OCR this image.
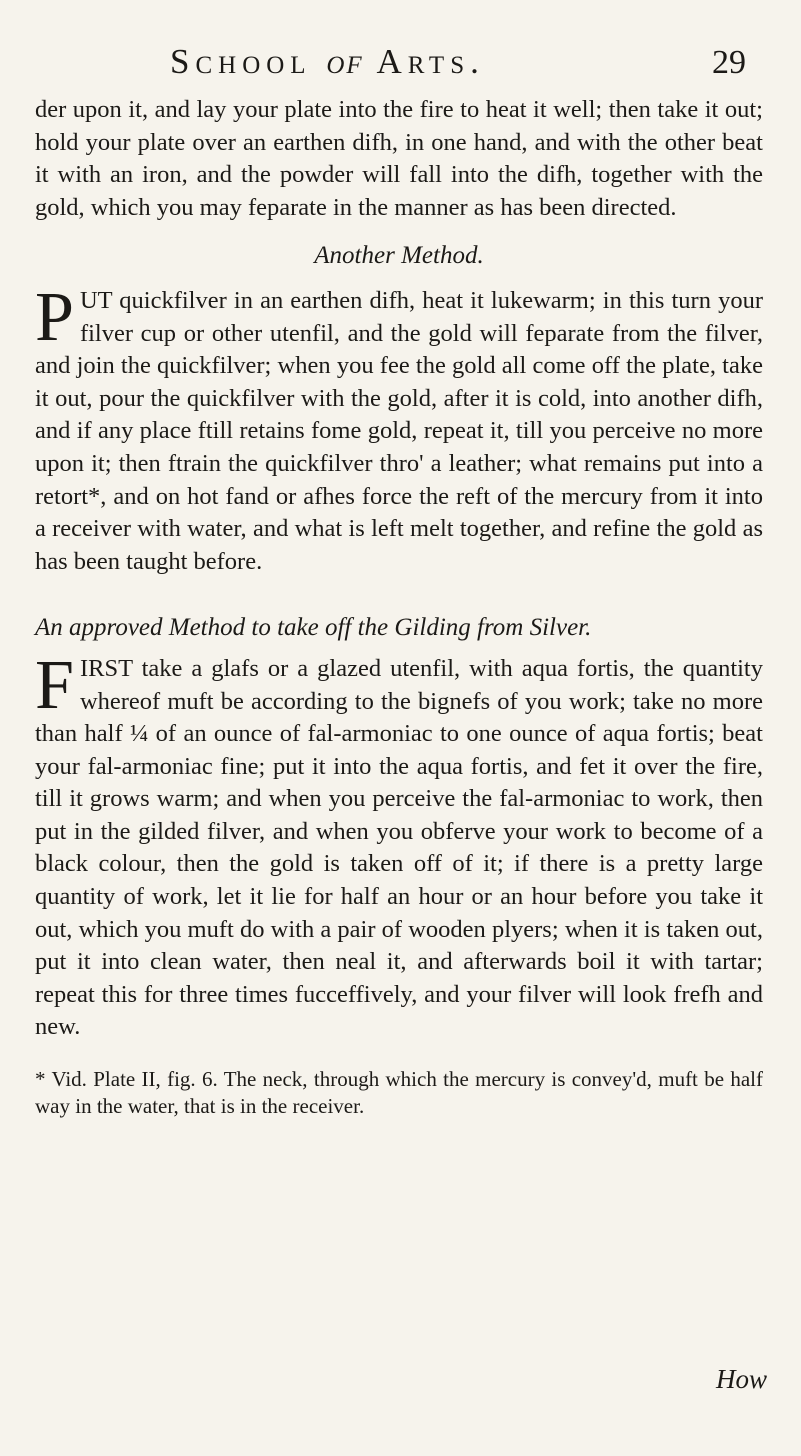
School of Arts.	29

der upon it, and lay your plate into the fire to heat it well; then take it out; hold your plate over an earthen difh, in one hand, and with the other beat it with an iron, and the powder will fall into the difh, together with the gold, which you may feparate in the manner as has been directed.

Another Method.

PUT quickfilver in an earthen difh, heat it lukewarm; in this turn your filver cup or other utenfil, and the gold will feparate from the filver, and join the quickfilver; when you fee the gold all come off the plate, take it out, pour the quickfilver with the gold, after it is cold, into another difh, and if any place ftill retains fome gold, repeat it, till you perceive no more upon it; then ftrain the quickfilver thro' a leather; what remains put into a retort*, and on hot fand or afhes force the reft of the mercury from it into a receiver with water, and what is left melt together, and refine the gold as has been taught before.

An approved Method to take off the Gilding from Silver.

FIRST take a glafs or a glazed utenfil, with aqua fortis, the quantity whereof muft be according to the bignefs of you work; take no more than half ¼ of an ounce of fal-armoniac to one ounce of aqua fortis; beat your fal-armoniac fine; put it into the aqua fortis, and fet it over the fire, till it grows warm; and when you perceive the fal-armoniac to work, then put in the gilded filver, and when you obferve your work to become of a black colour, then the gold is taken off of it; if there is a pretty large quantity of work, let it lie for half an hour or an hour before you take it out, which you muft do with a pair of wooden plyers; when it is taken out, put it into clean water, then neal it, and afterwards boil it with tartar; repeat this for three times fucceffively, and your filver will look frefh and new.

* Vid. Plate II, fig. 6. The neck, through which the mercury is convey'd, muft be half way in the water, that is in the receiver.

How
